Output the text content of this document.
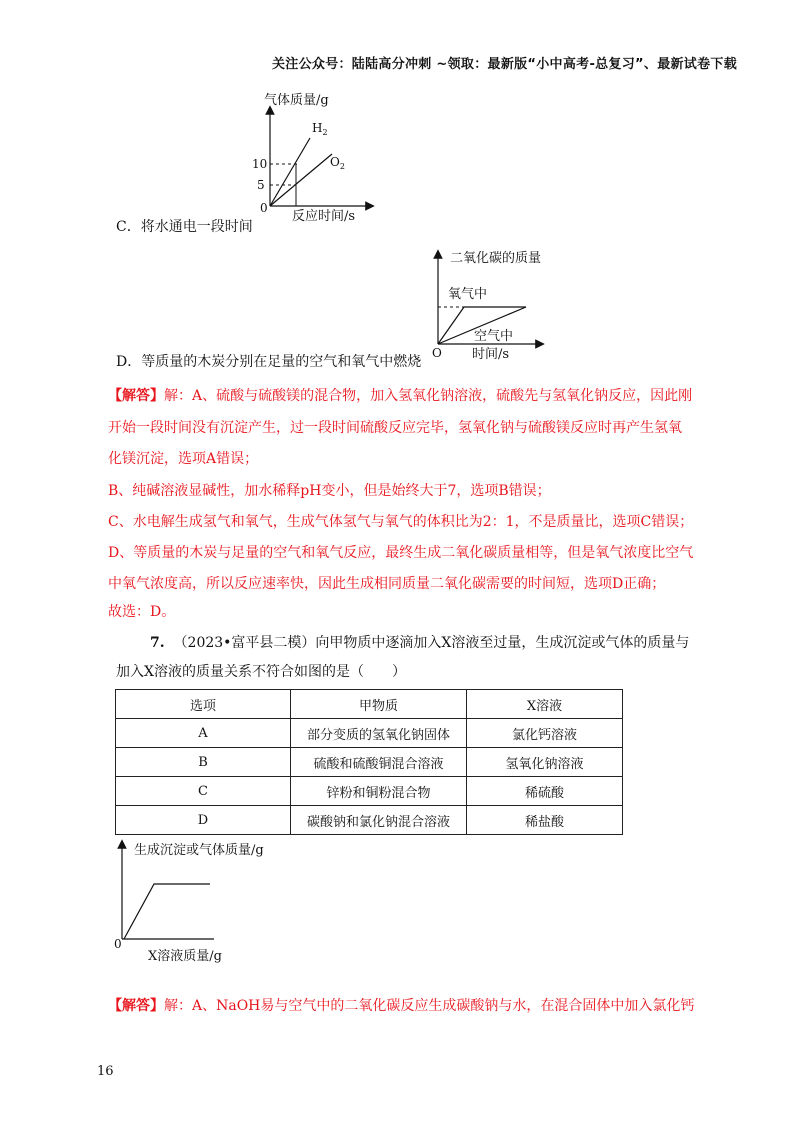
关注公众号：陆陆高分冲刺 ~领取：最新版“小中高考-总复习”、最新试卷下载
气体质量/g
10
5
0
反应时间/s
$H_2$
$O_2$
C．将水通电一段时间
二氧化碳的质量
氧气中
空气中
O 时间/s
D．等质量的木炭分别在足量的空气和氧气中燃烧
【解答】解：A、硫酸与硫酸镁的混合物，加入氢氧化钠溶液，硫酸先与氢氧化钠反应，因此刚
开始一段时间没有沉淀产生，过一段时间硫酸反应完毕，氢氧化钠与硫酸镁反应时再产生氢氧
化镁沉淀，选项A错误；
B、纯碱溶液显碱性，加水稀释pH变小，但是始终大于7，选项B错误；
C、水电解生成氢气和氧气，生成气体氢气与氧气的体积比为2：1，不是质量比，选项C错误；
D、等质量的木炭与足量的空气和氧气反应，最终生成二氧化碳质量相等，但是氧气浓度比空气
中氧气浓度高，所以反应速率快，因此生成相同质量二氧化碳需要的时间短，选项D正确；
故选：D。
7. （2023•富平县二模）向甲物质中逐滴加入X溶液至过量，生成沉淀或气体的质量与
加入X溶液的质量关系不符合如图的是（　　）
选项	甲物质	X溶液
A	部分变质的氢氧化钠固体	氯化钙溶液
B	硫酸和硫酸铜混合溶液	氢氧化钠溶液
C	锌粉和铜粉混合物	稀硫酸
D	碳酸钠和氯化钠混合溶液	稀盐酸
生成沉淀或气体质量/g
0
X溶液质量/g
【解答】解：A、NaOH易与空气中的二氧化碳反应生成碳酸钠与水，在混合固体中加入氯化钙
16
